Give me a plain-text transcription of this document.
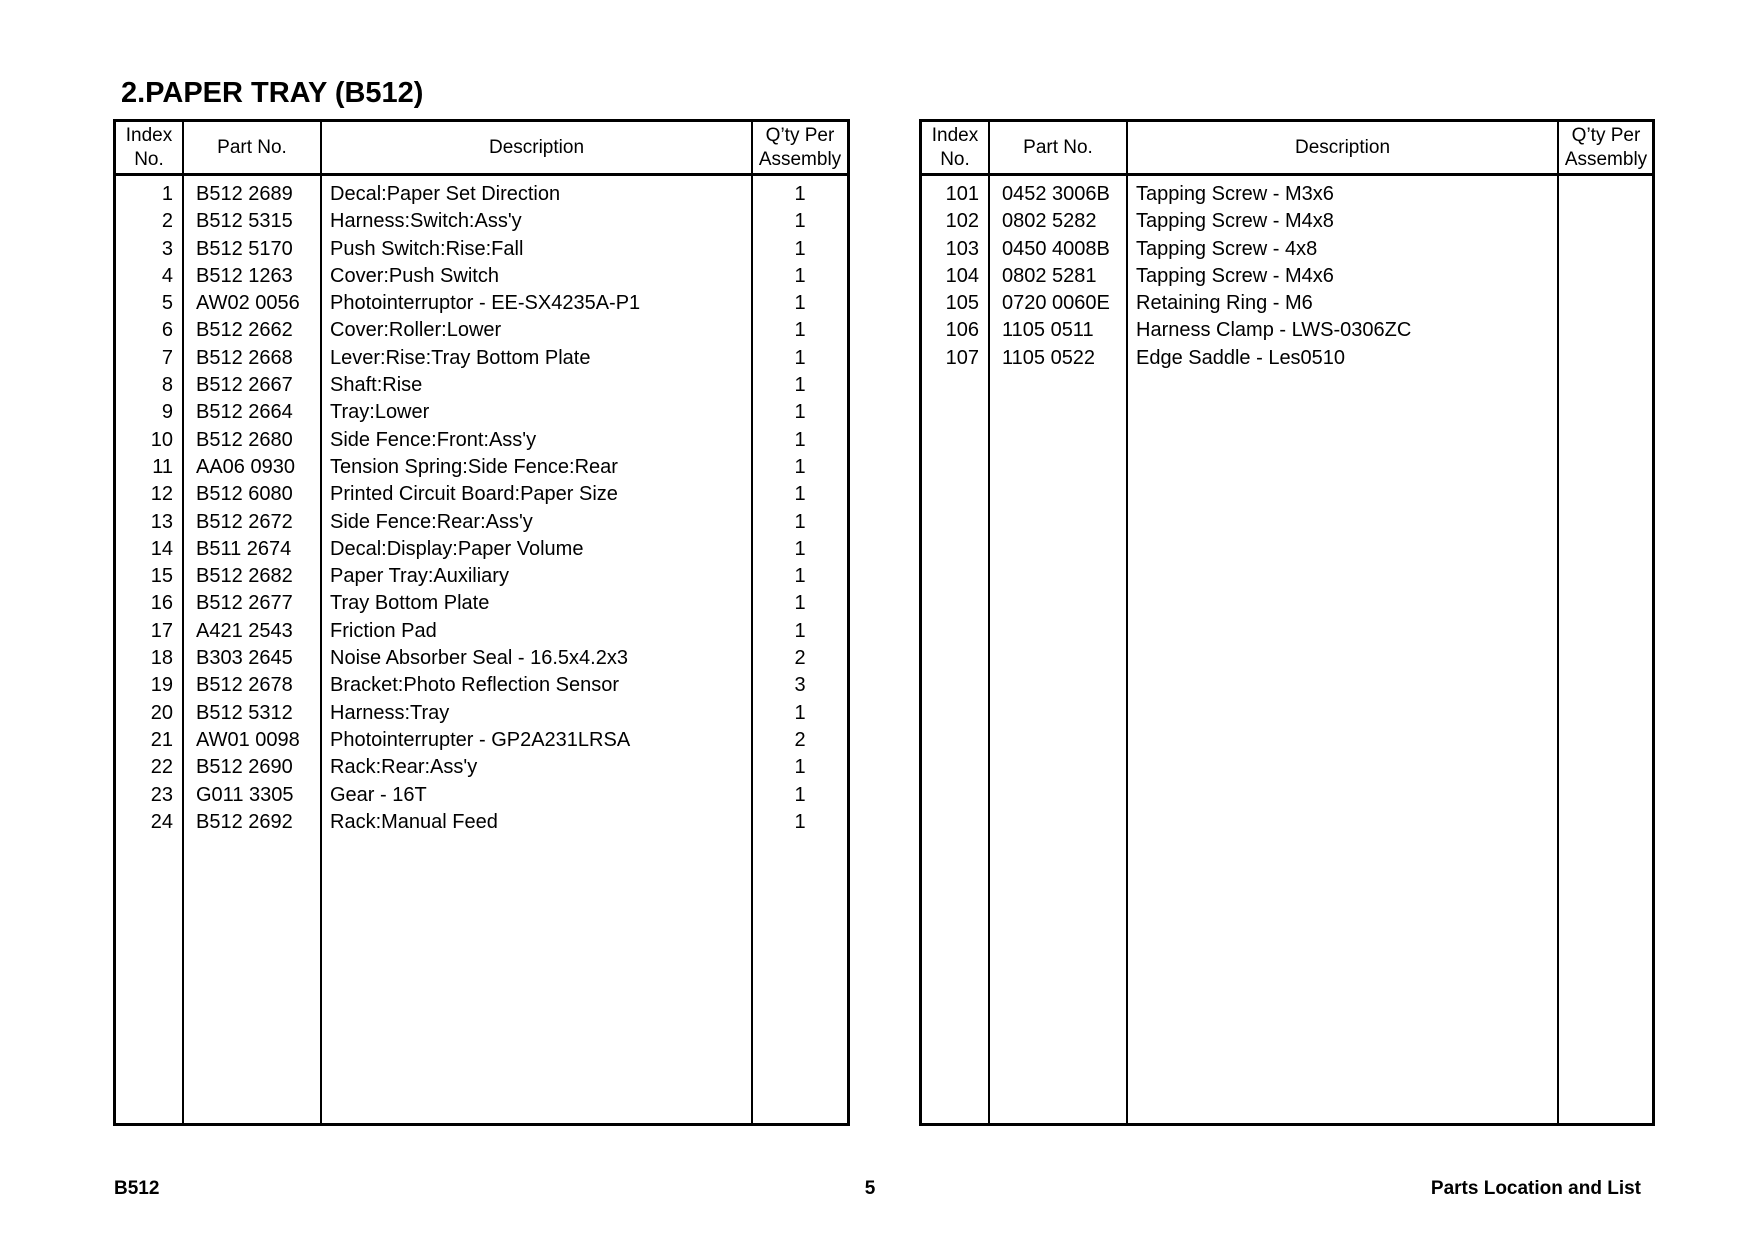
2.PAPER TRAY (B512)
Index
No.
Part No.	Description
Q’ty Per
Assembly
1 B512 2689 Decal:Paper Set Direction	1
2 B512 5315 Harness:Switch:Ass'y	1
3 B512 5170 Push Switch:Rise:Fall	1
4 B512 1263 Cover:Push Switch	1
5 AW02 0056 Photointerruptor - EE-SX4235A-P1	1
6 B512 2662 Cover:Roller:Lower	1
7 B512 2668 Lever:Rise:Tray Bottom Plate	1
8 B512 2667 Shaft:Rise	1
9 B512 2664 Tray:Lower	1
10 B512 2680 Side Fence:Front:Ass'y	1
11 AA06 0930 Tension Spring:Side Fence:Rear	1
12 B512 6080 Printed Circuit Board:Paper Size	1
13 B512 2672 Side Fence:Rear:Ass'y	1
14 B511 2674 Decal:Display:Paper Volume	1
15 B512 2682 Paper Tray:Auxiliary	1
16 B512 2677 Tray Bottom Plate	1
17 A421 2543 Friction Pad	1
18 B303 2645 Noise Absorber Seal - 16.5x4.2x3	2
19 B512 2678 Bracket:Photo Reflection Sensor	3
20 B512 5312 Harness:Tray	1
21 AW01 0098 Photointerrupter - GP2A231LRSA	2
22 B512 2690 Rack:Rear:Ass'y	1
23 G011 3305 Gear - 16T	1
24 B512 2692 Rack:Manual Feed	1
Index
No.
Part No.	Description
Q’ty Per
Assembly
101 0452 3006B Tapping Screw - M3x6
102 0802 5282 Tapping Screw - M4x8
103 0450 4008B Tapping Screw - 4x8
104 0802 5281 Tapping Screw - M4x6
105 0720 0060E Retaining Ring - M6
106 1105 0511 Harness Clamp - LWS-0306ZC
107 1105 0522 Edge Saddle - Les0510
B512	5	Parts Location and List
